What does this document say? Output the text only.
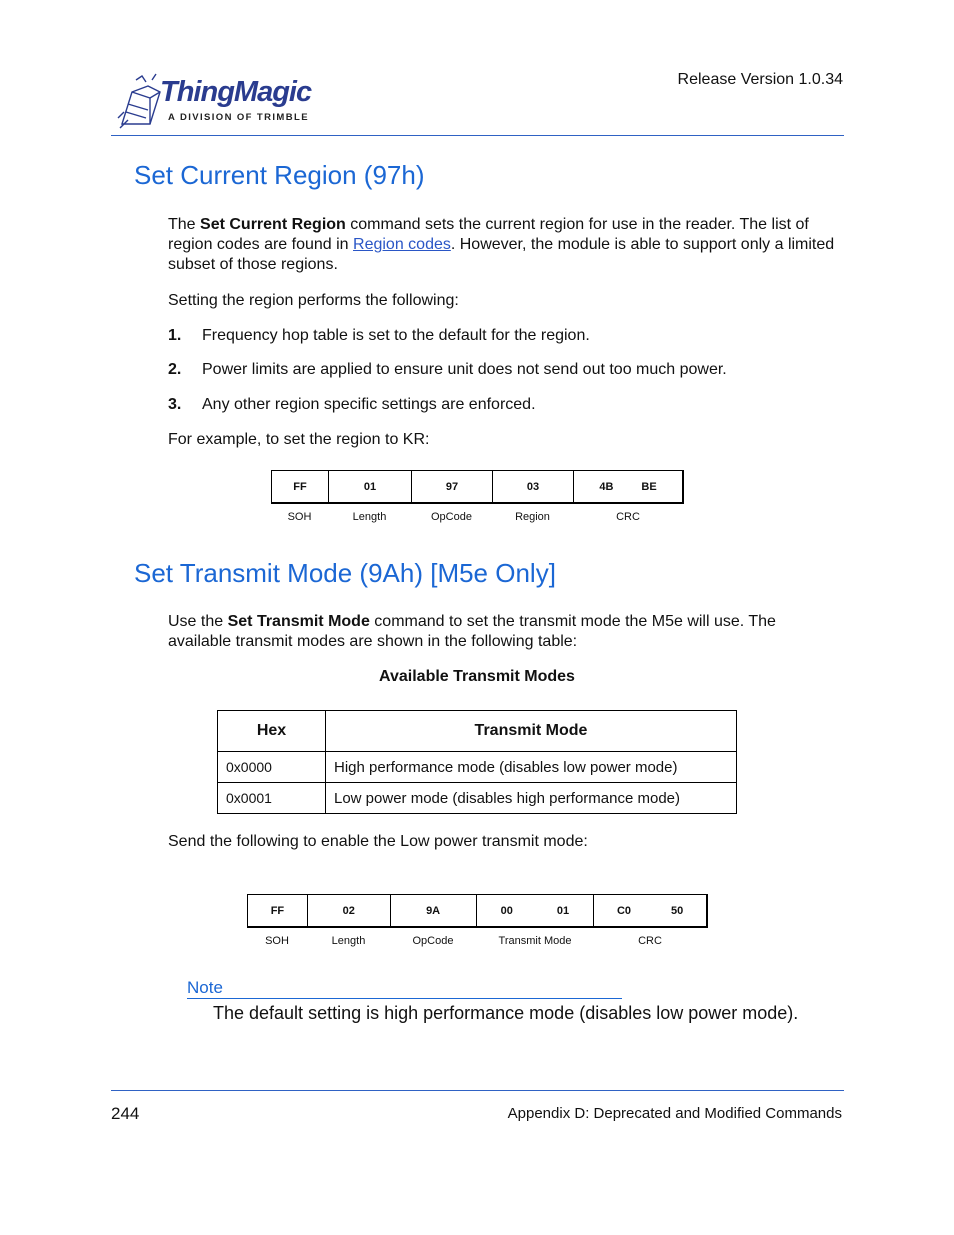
ThingMagic
A DIVISION OF TRIMBLE
Release Version 1.0.34
Set Current Region (97h)
The Set Current Region command sets the current region for use in the reader. The list of region codes are found in Region codes. However, the module is able to support only a limited subset of those regions.
Setting the region performs the following:
1. Frequency hop table is set to the default for the region.
2. Power limits are applied to ensure unit does not send out too much power.
3. Any other region specific settings are enforced.
For example, to set the region to KR:
FF	01	97	03	4B	BE
SOH	Length	OpCode	Region	CRC
Set Transmit Mode (9Ah) [M5e Only]
Use the Set Transmit Mode command to set the transmit mode the M5e will use. The available transmit modes are shown in the following table:
Available Transmit Modes
Hex	Transmit Mode
0x0000	High performance mode (disables low power mode)
0x0001	Low power mode (disables high performance mode)
Send the following to enable the Low power transmit mode:
FF	02	9A	00	01	C0	50
SOH	Length	OpCode	Transmit Mode	CRC
Note
The default setting is high performance mode (disables low power mode).
244	Appendix D: Deprecated and Modified Commands
